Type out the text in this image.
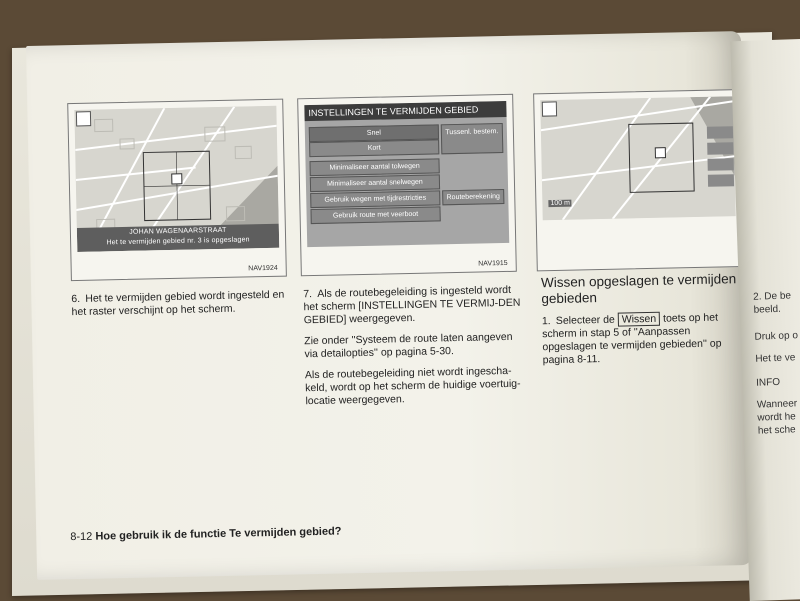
JOHAN WAGENAARSTRAAT
Het te vermijden gebied nr. 3 is opgeslagen
NAV1924
INSTELLINGEN TE VERMIJDEN GEBIED
Snel
Kort
Minimaliseer aantal tolwegen
Minimaliseer aantal snelwegen
Gebruik wegen met tijdrestricties
Gebruik route met veerboot
Tussenl. bestem.
Routeberekening
NAV1915
100 m

6. Het te vermijden gebied wordt ingesteld en het raster verschijnt op het scherm.

7. Als de routebegeleiding is ingesteld wordt het scherm [INSTELLINGEN TE VERMIJ-DEN GEBIED] weergegeven.

Zie onder ''Systeem de route laten aangeven via detailopties'' op pagina 5-30.

Als de routebegeleiding niet wordt ingescha-keld, wordt op het scherm de huidige voertuig-locatie weergegeven.

Wissen opgeslagen te vermijden gebieden

1. Selecteer de Wissen toets op het scherm in stap 5 of ''Aanpassen opgeslagen te vermijden gebieden'' op pagina 8-11.

8-12 Hoe gebruik ik de functie Te vermijden gebied?
2. De be
beeld.
Druk op o
Het te ve
INFO
Wanneer
wordt he
het sche
